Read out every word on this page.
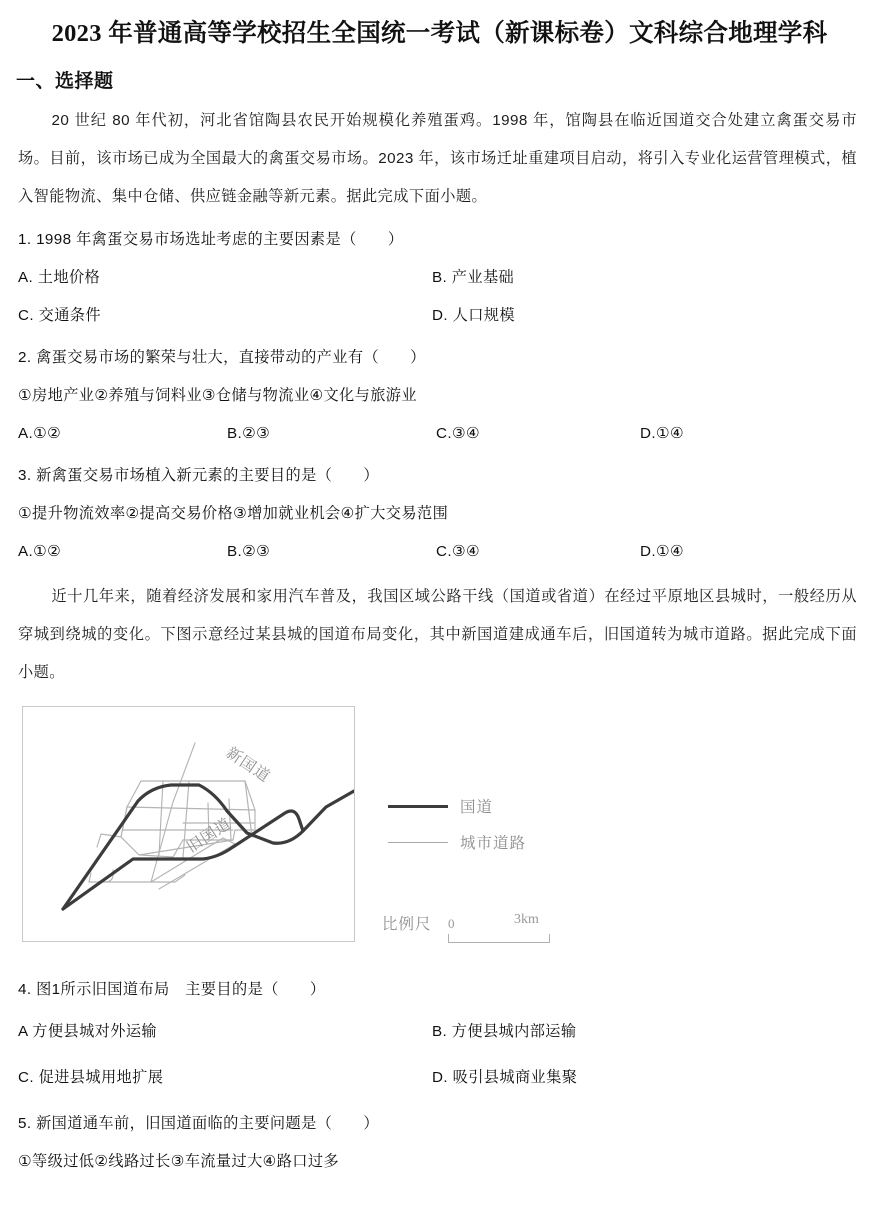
2023 年普通高等学校招生全国统一考试（新课标卷）文科综合地理学科
一、选择题

20 世纪 80 年代初，河北省馆陶县农民开始规模化养殖蛋鸡。1998 年，馆陶县在临近国道交合处建立禽蛋交易市场。目前，该市场已成为全国最大的禽蛋交易市场。2023 年，该市场迁址重建项目启动，将引入专业化运营管理模式，植入智能物流、集中仓储、供应链金融等新元素。据此完成下面小题。

1. 1998 年禽蛋交易市场选址考虑的主要因素是（　　）
A. 土地价格	B. 产业基础
C. 交通条件	D. 人口规模
2. 禽蛋交易市场的繁荣与壮大，直接带动的产业有（　　）
①房地产业②养殖与饲料业③仓储与物流业④文化与旅游业
A.①②	B.②③	C.③④	D.①④
3. 新禽蛋交易市场植入新元素的主要目的是（　　）
①提升物流效率②提高交易价格③增加就业机会④扩大交易范围
A.①②	B.②③	C.③④	D.①④

近十几年来，随着经济发展和家用汽车普及，我国区域公路干线（国道或省道）在经过平原地区县城时，一般经历从穿城到绕城的变化。下图示意经过某县城的国道布局变化，其中新国道建成通车后，旧国道转为城市道路。据此完成下面小题。

新国道
旧国道
国道
城市道路
比例尺 0	3km
4. 图1所示旧国道布局　主要目的是（　　）
A 方便县城对外运输	B. 方便县城内部运输
C. 促进县城用地扩展	D. 吸引县城商业集聚
5. 新国道通车前，旧国道面临的主要问题是（　　）
①等级过低②线路过长③车流量过大④路口过多
